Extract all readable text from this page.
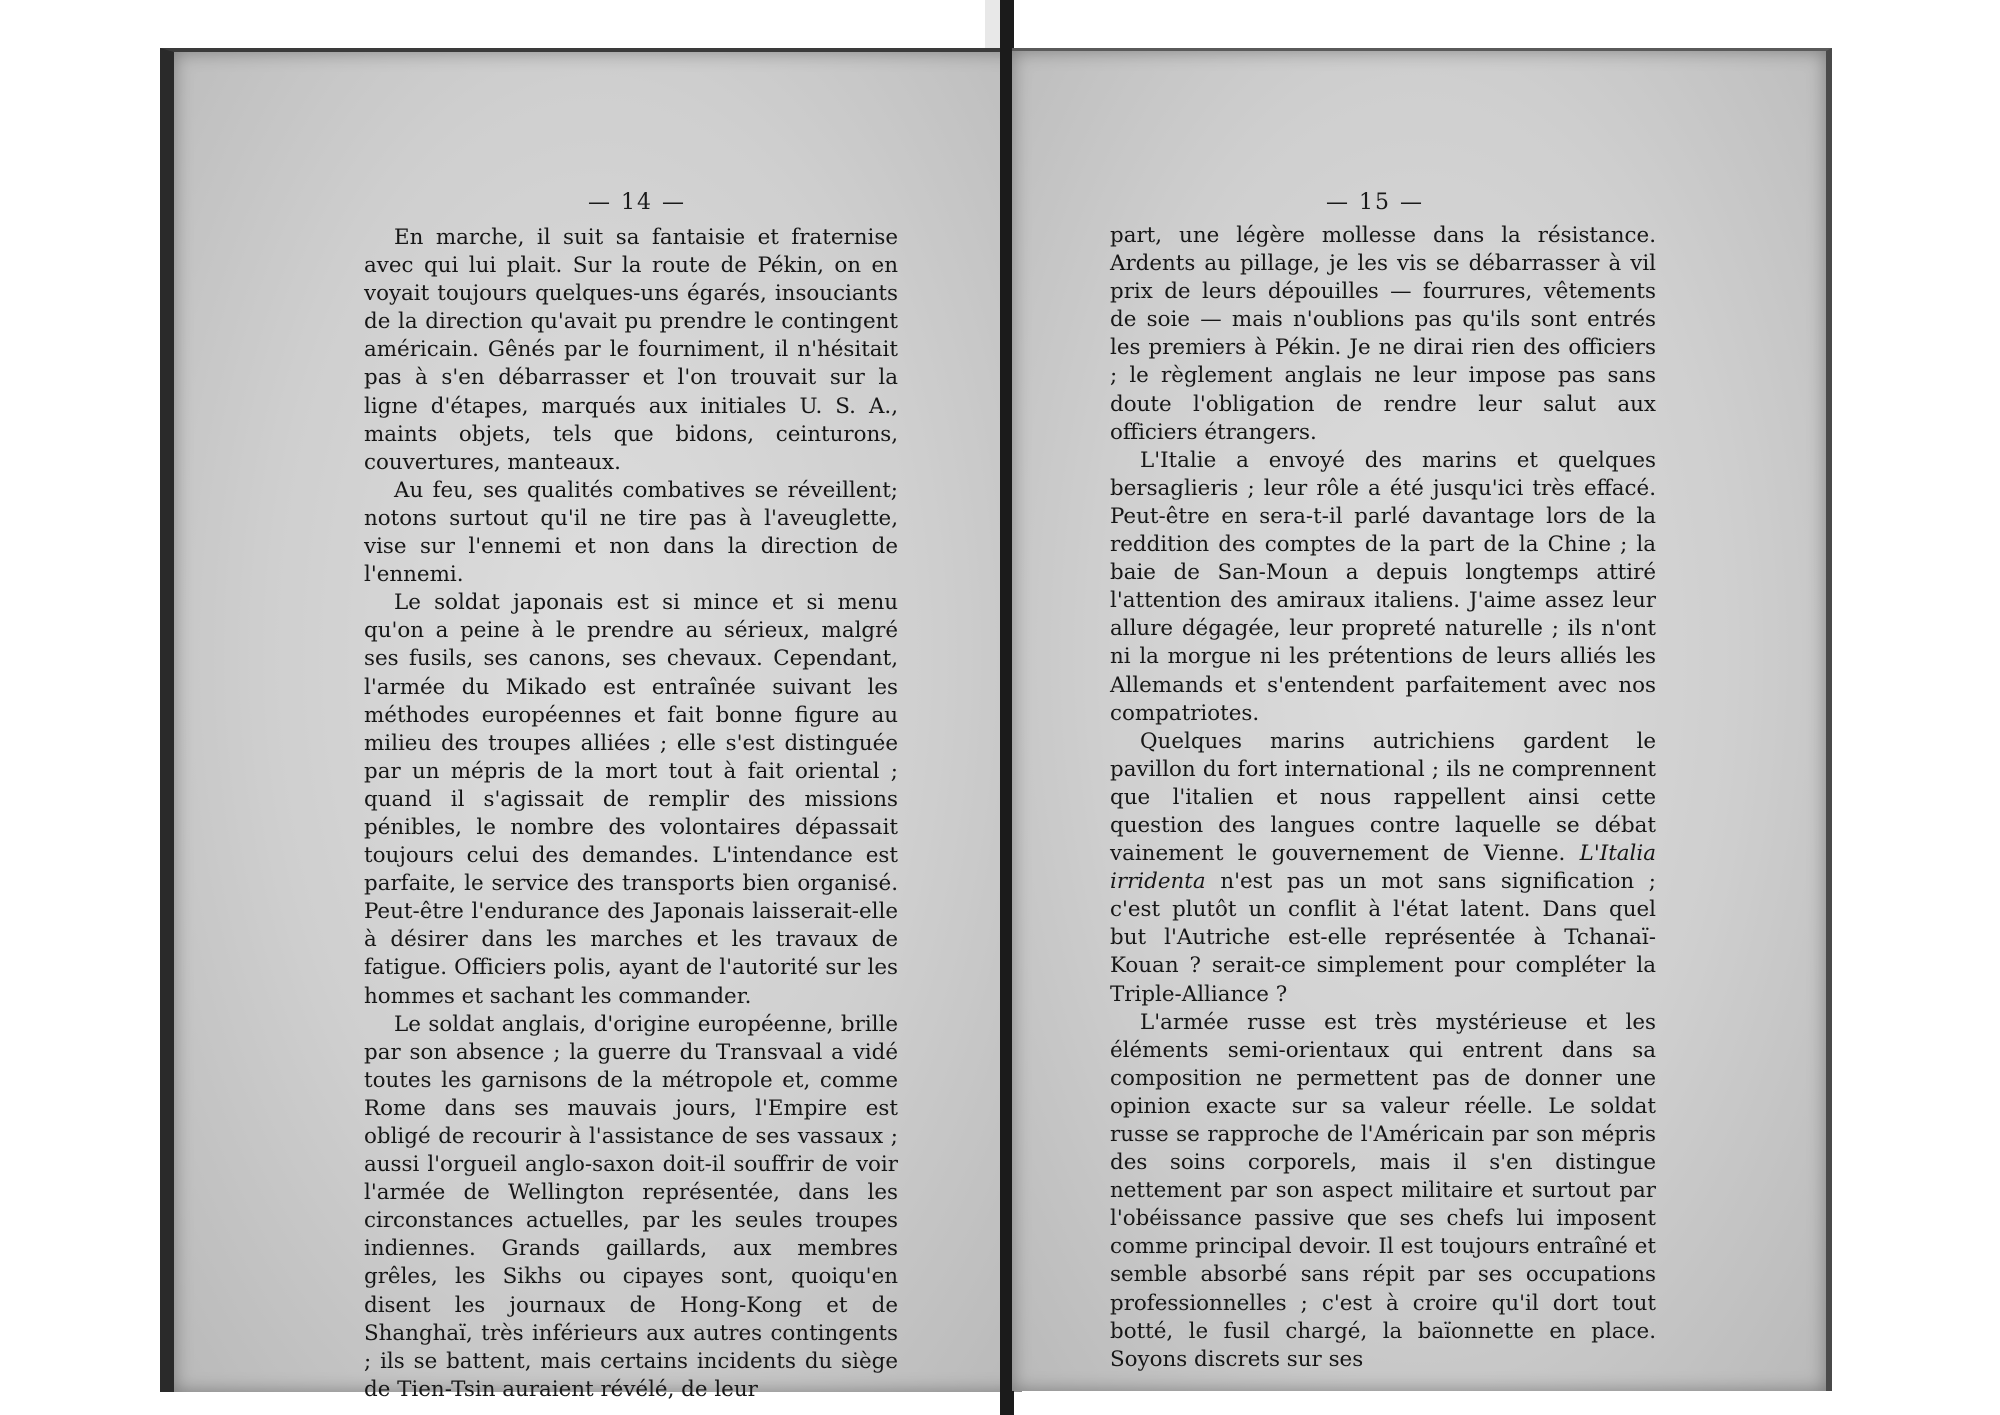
— 14 —	— 15 —

En marche, il suit sa fantaisie et fraternise avec qui lui plait. Sur la route de Pékin, on en voyait toujours quelques-uns égarés, insouciants de la direction qu'avait pu prendre le contingent américain. Gênés par le fourniment, il n'hésitait pas à s'en débarrasser et l'on trouvait sur la ligne d'étapes, marqués aux initiales U. S. A., maints objets, tels que bidons, ceinturons, couvertures, manteaux.

Au feu, ses qualités combatives se réveillent; notons surtout qu'il ne tire pas à l'aveuglette, vise sur l'ennemi et non dans la direction de l'ennemi.

Le soldat japonais est si mince et si menu qu'on a peine à le prendre au sérieux, malgré ses fusils, ses canons, ses chevaux. Cependant, l'armée du Mikado est entraînée suivant les méthodes européennes et fait bonne figure au milieu des troupes alliées ; elle s'est distinguée par un mépris de la mort tout à fait oriental ; quand il s'agissait de remplir des missions pénibles, le nombre des volontaires dépassait toujours celui des demandes. L'intendance est parfaite, le service des transports bien organisé. Peut-être l'endurance des Japonais laisserait-elle à désirer dans les marches et les travaux de fatigue. Officiers polis, ayant de l'autorité sur les hommes et sachant les commander.

Le soldat anglais, d'origine européenne, brille par son absence ; la guerre du Transvaal a vidé toutes les garnisons de la métropole et, comme Rome dans ses mauvais jours, l'Empire est obligé de recourir à l'assistance de ses vassaux ; aussi l'orgueil anglo-saxon doit-il souffrir de voir l'armée de Wellington représentée, dans les circonstances actuelles, par les seules troupes indiennes. Grands gaillards, aux membres grêles, les Sikhs ou cipayes sont, quoiqu'en disent les journaux de Hong-Kong et de Shanghaï, très inférieurs aux autres contingents ; ils se battent, mais certains incidents du siège de Tien-Tsin auraient révélé, de leur

part, une légère mollesse dans la résistance. Ardents au pillage, je les vis se débarrasser à vil prix de leurs dépouilles — fourrures, vêtements de soie — mais n'oublions pas qu'ils sont entrés les premiers à Pékin. Je ne dirai rien des officiers ; le règlement anglais ne leur impose pas sans doute l'obligation de rendre leur salut aux officiers étrangers.

L'Italie a envoyé des marins et quelques bersaglieris ; leur rôle a été jusqu'ici très effacé. Peut-être en sera-t-il parlé davantage lors de la reddition des comptes de la part de la Chine ; la baie de San-Moun a depuis longtemps attiré l'attention des amiraux italiens. J'aime assez leur allure dégagée, leur propreté naturelle ; ils n'ont ni la morgue ni les prétentions de leurs alliés les Allemands et s'entendent parfaitement avec nos compatriotes.

Quelques marins autrichiens gardent le pavillon du fort international ; ils ne comprennent que l'italien et nous rappellent ainsi cette question des langues contre laquelle se débat vainement le gouvernement de Vienne. L'Italia irridenta n'est pas un mot sans signification ; c'est plutôt un conflit à l'état latent. Dans quel but l'Autriche est-elle représentée à Tchanaï-Kouan ? serait-ce simplement pour compléter la Triple-Alliance ?

L'armée russe est très mystérieuse et les éléments semi-orientaux qui entrent dans sa composition ne permettent pas de donner une opinion exacte sur sa valeur réelle. Le soldat russe se rapproche de l'Américain par son mépris des soins corporels, mais il s'en distingue nettement par son aspect militaire et surtout par l'obéissance passive que ses chefs lui imposent comme principal devoir. Il est toujours entraîné et semble absorbé sans répit par ses occupations professionnelles ; c'est à croire qu'il dort tout botté, le fusil chargé, la baïonnette en place. Soyons discrets sur ses
